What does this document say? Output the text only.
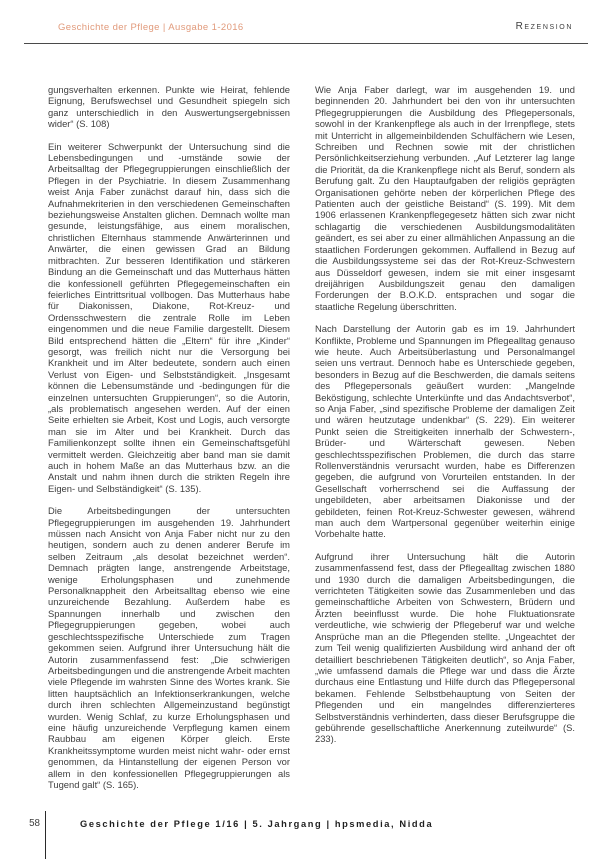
Geschichte der Pflege | Ausgabe 1-2016	Rezension

gungsverhalten erkennen. Punkte wie Heirat, fehlende Eignung, Berufswechsel und Gesundheit spiegeln sich ganz unterschiedlich in den Auswertungsergebnissen wider“ (S. 108)

Ein weiterer Schwerpunkt der Untersuchung sind die Lebensbedingungen und -umstände sowie der Arbeitsalltag der Pflegegruppierungen einschließlich der Pflegen in der Psychiatrie. In diesem Zusammenhang weist Anja Faber zunächst darauf hin, dass sich die Aufnahmekriterien in den verschiedenen Gemeinschaften beziehungsweise Anstalten glichen. Demnach wollte man gesunde, leistungsfähige, aus einem moralischen, christlichen Elternhaus stammende Anwärterinnen und Anwärter, die einen gewissen Grad an Bildung mitbrachten. Zur besseren Identifikation und stärkeren Bindung an die Gemeinschaft und das Mutterhaus hätten die konfessionell geführten Pflegegemeinschaften ein feierliches Eintrittsritual vollbogen. Das Mutterhaus habe für Diakonissen, Diakone, Rot-Kreuz- und Ordensschwestern die zentrale Rolle im Leben eingenommen und die neue Familie dargestellt. Diesem Bild entsprechend hätten die „Eltern“ für ihre „Kinder“ gesorgt, was freilich nicht nur die Versorgung bei Krankheit und im Alter bedeutete, sondern auch einen Verlust von Eigen- und Selbstständigkeit. „Insgesamt können die Lebensumstände und -bedingungen für die einzelnen untersuchten Gruppierungen“, so die Autorin, „als problematisch angesehen werden. Auf der einen Seite erhielten sie Arbeit, Kost und Logis, auch versorgte man sie im Alter und bei Krankheit. Durch das Familienkonzept sollte ihnen ein Gemeinschaftsgefühl vermittelt werden. Gleichzeitig aber band man sie damit auch in hohem Maße an das Mutterhaus bzw. an die Anstalt und nahm ihnen durch die strikten Regeln ihre Eigen- und Selbständigkeit“ (S. 135).

Die Arbeitsbedingungen der untersuchten Pflegegruppierungen im ausgehenden 19. Jahrhundert müssen nach Ansicht von Anja Faber nicht nur zu den heutigen, sondern auch zu denen anderer Berufe im selben Zeitraum „als desolat bezeichnet werden“. Demnach prägten lange, anstrengende Arbeitstage, wenige Erholungsphasen und zunehmende Personalknappheit den Arbeitsalltag ebenso wie eine unzureichende Bezahlung. Außerdem habe es Spannungen innerhalb und zwischen den Pflegegruppierungen gegeben, wobei auch geschlechtsspezifische Unterschiede zum Tragen gekommen seien. Aufgrund ihrer Untersuchung hält die Autorin zusammenfassend fest: „Die schwierigen Arbeitsbedingungen und die anstrengende Arbeit machten viele Pflegende im wahrsten Sinne des Wortes krank. Sie litten hauptsächlich an Infektionserkrankungen, welche durch ihren schlechten Allgemeinzustand begünstigt wurden. Wenig Schlaf, zu kurze Erholungsphasen und eine häufig unzureichende Verpflegung kamen einem Raubbau am eigenen Körper gleich. Erste Krankheitssymptome wurden meist nicht wahr- oder ernst genommen, da Hintanstellung der eigenen Person vor allem in den konfessionellen Pflegegruppierungen als Tugend galt“ (S. 165).

Wie Anja Faber darlegt, war im ausgehenden 19. und beginnenden 20. Jahrhundert bei den von ihr untersuchten Pflegegruppierungen die Ausbildung des Pflegepersonals, sowohl in der Krankenpflege als auch in der Irrenpflege, stets mit Unterricht in allgemeinbildenden Schulfächern wie Lesen, Schreiben und Rechnen sowie mit der christlichen Persönlichkeitserziehung verbunden. „Auf Letzterer lag lange die Priorität, da die Krankenpflege nicht als Beruf, sondern als Berufung galt. Zu den Hauptaufgaben der religiös geprägten Organisationen gehörte neben der körperlichen Pflege des Patienten auch der geistliche Beistand“ (S. 199). Mit dem 1906 erlassenen Krankenpflegegesetz hätten sich zwar nicht schlagartig die verschiedenen Ausbildungsmodalitäten geändert, es sei aber zu einer allmählichen Anpassung an die staatlichen Forderungen gekommen. Auffallend in Bezug auf die Ausbildungssysteme sei das der Rot-Kreuz-Schwestern aus Düsseldorf gewesen, indem sie mit einer insgesamt dreijährigen Ausbildungszeit genau den damaligen Forderungen der B.O.K.D. entsprachen und sogar die staatliche Regelung überschritten.

Nach Darstellung der Autorin gab es im 19. Jahrhundert Konflikte, Probleme und Spannungen im Pflegealltag genauso wie heute. Auch Arbeitsüberlastung und Personalmangel seien uns vertraut. Dennoch habe es Unterschiede gegeben, besonders in Bezug auf die Beschwerden, die damals seitens des Pflegepersonals geäußert wurden: „Mangelnde Beköstigung, schlechte Unterkünfte und das Andachtsverbot“, so Anja Faber, „sind spezifische Probleme der damaligen Zeit und wären heutzutage undenkbar“ (S. 229). Ein weiterer Punkt seien die Streitigkeiten innerhalb der Schwestern-, Brüder- und Wärterschaft gewesen. Neben geschlechtsspezifischen Problemen, die durch das starre Rollenverständnis verursacht wurden, habe es Differenzen gegeben, die aufgrund von Vorurteilen entstanden. In der Gesellschaft vorherrschend sei die Auffassung der ungebildeten, aber arbeitsamen Diakonisse und der gebildeten, feinen Rot-Kreuz-Schwester gewesen, während man auch dem Wartpersonal gegenüber weiterhin einige Vorbehalte hatte.

Aufgrund ihrer Untersuchung hält die Autorin zusammenfassend fest, dass der Pflegealltag zwischen 1880 und 1930 durch die damaligen Arbeitsbedingungen, die verrichteten Tätigkeiten sowie das Zusammenleben und das gemeinschaftliche Arbeiten von Schwestern, Brüdern und Ärzten beeinflusst wurde. Die hohe Fluktuationsrate verdeutliche, wie schwierig der Pflegeberuf war und welche Ansprüche man an die Pflegenden stellte. „Ungeachtet der zum Teil wenig qualifizierten Ausbildung wird anhand der oft detailliert beschriebenen Tätigkeiten deutlich“, so Anja Faber, „wie umfassend damals die Pflege war und dass die Ärzte durchaus eine Entlastung und Hilfe durch das Pflegepersonal bekamen. Fehlende Selbstbehauptung von Seiten der Pflegenden und ein mangelndes differenzierteres Selbstverständnis verhinderten, dass dieser Berufsgruppe die gebührende gesellschaftliche Anerkennung zuteilwurde“ (S. 233).

58	Geschichte der Pflege 1/16 | 5. Jahrgang | hpsmedia, Nidda
